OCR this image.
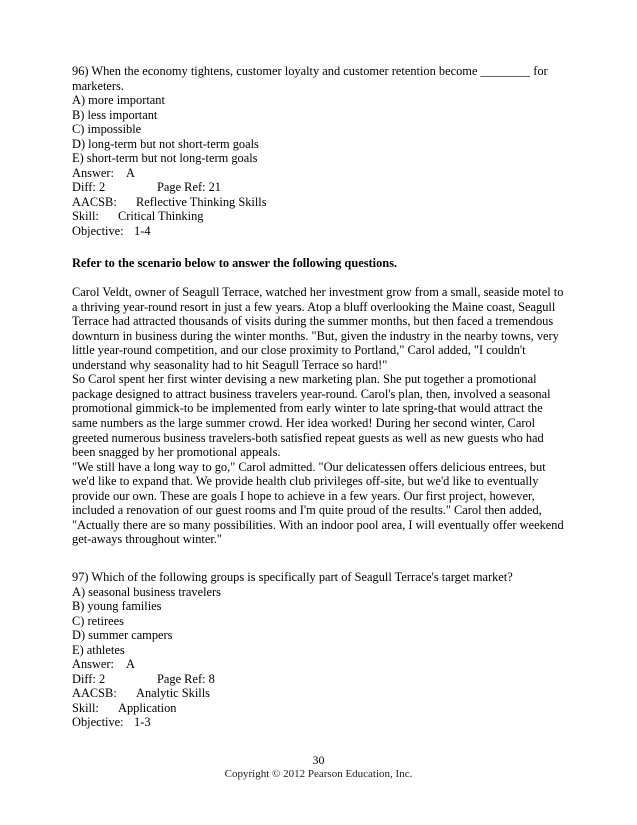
96) When the economy tightens, customer loyalty and customer retention become ________ for marketers.
A) more important
B) less important
C) impossible
D) long-term but not short-term goals
E) short-term but not long-term goals
Answer: A
Diff: 2	Page Ref: 21
AACSB: Reflective Thinking Skills
Skill: Critical Thinking
Objective: 1-4
Refer to the scenario below to answer the following questions.

Carol Veldt, owner of Seagull Terrace, watched her investment grow from a small, seaside motel to a thriving year-round resort in just a few years. Atop a bluff overlooking the Maine coast, Seagull Terrace had attracted thousands of visits during the summer months, but then faced a tremendous downturn in business during the winter months. "But, given the industry in the nearby towns, very little year-round competition, and our close proximity to Portland," Carol added, "I couldn't understand why seasonality had to hit Seagull Terrace so hard!"

So Carol spent her first winter devising a new marketing plan. She put together a promotional package designed to attract business travelers year-round. Carol's plan, then, involved a seasonal promotional gimmick-to be implemented from early winter to late spring-that would attract the same numbers as the large summer crowd. Her idea worked! During her second winter, Carol greeted numerous business travelers-both satisfied repeat guests as well as new guests who had been snagged by her promotional appeals.

"We still have a long way to go," Carol admitted. "Our delicatessen offers delicious entrees, but we'd like to expand that. We provide health club privileges off-site, but we'd like to eventually provide our own. These are goals I hope to achieve in a few years. Our first project, however, included a renovation of our guest rooms and I'm quite proud of the results." Carol then added, "Actually there are so many possibilities. With an indoor pool area, I will eventually offer weekend get-aways throughout winter."

97) Which of the following groups is specifically part of Seagull Terrace's target market?
A) seasonal business travelers
B) young families
C) retirees
D) summer campers
E) athletes
Answer: A
Diff: 2	Page Ref: 8
AACSB: Analytic Skills
Skill: Application
Objective: 1-3
30
Copyright © 2012 Pearson Education, Inc.
